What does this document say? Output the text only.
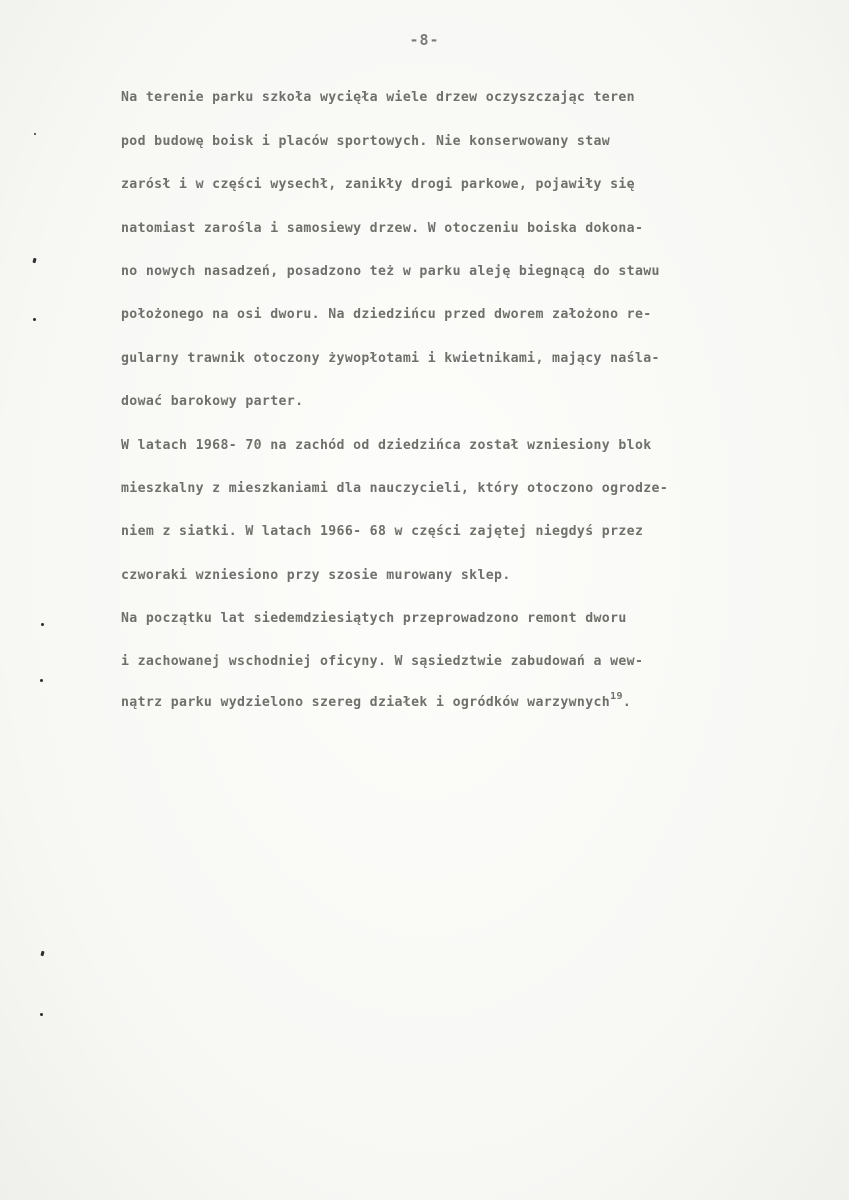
-8-
Na terenie parku szkoła wycięła wiele drzew oczyszczając teren
pod budowę boisk i placów sportowych. Nie konserwowany staw
zarósł i w części wysechł, zanikły drogi parkowe, pojawiły się
natomiast zarośla i samosiewy drzew. W otoczeniu boiska dokona-
no nowych nasadzeń, posadzono też w parku aleję biegnącą do stawu
położonego na osi dworu. Na dziedzińcu przed dworem założono re-
gularny trawnik otoczony żywopłotami i kwietnikami, mający naśla-
dować barokowy parter.
W latach 1968- 70 na zachód od dziedzińca został wzniesiony blok
mieszkalny z mieszkaniami dla nauczycieli, który otoczono ogrodze-
niem z siatki. W latach 1966- 68 w części zajętej niegdyś przez
czworaki wzniesiono przy szosie murowany sklep.
Na początku lat siedemdziesiątych przeprowadzono remont dworu
i zachowanej wschodniej oficyny. W sąsiedztwie zabudowań a wew-
nątrz parku wydzielono szereg działek i ogródków warzywnych$^{19}$.
